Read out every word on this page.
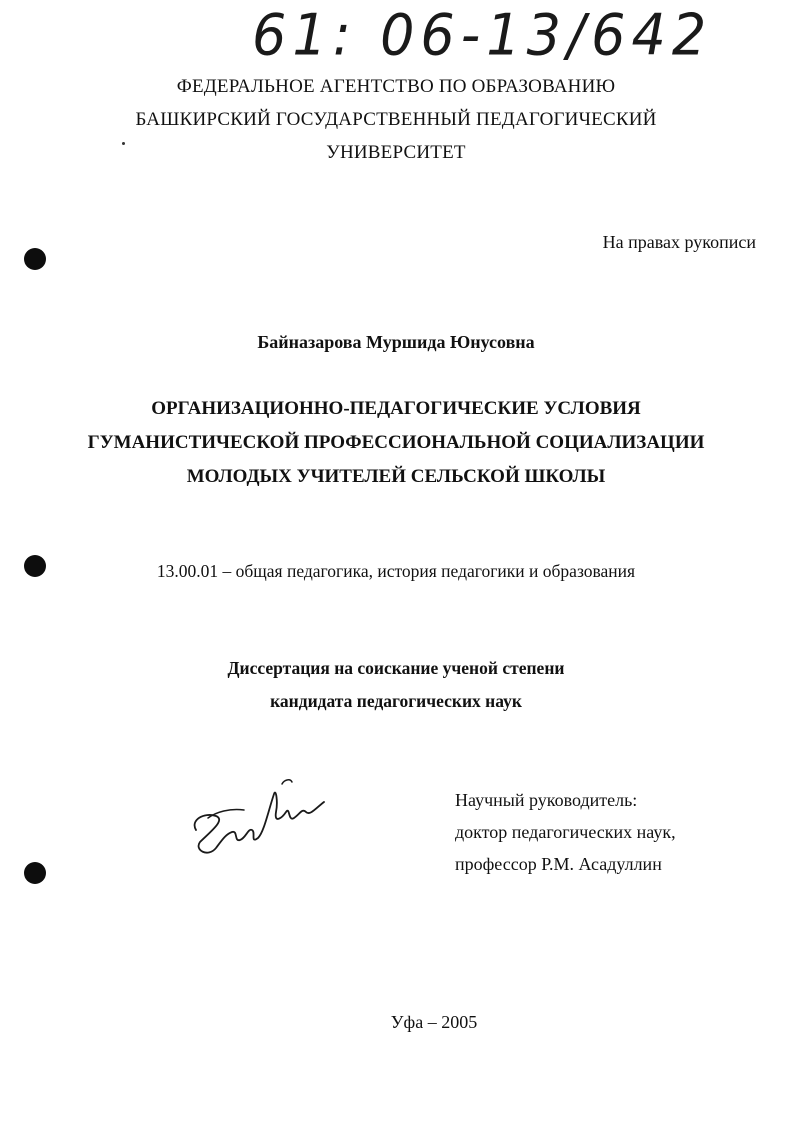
61: 06-13/642
ФЕДЕРАЛЬНОЕ АГЕНТСТВО ПО ОБРАЗОВАНИЮ
БАШКИРСКИЙ ГОСУДАРСТВЕННЫЙ ПЕДАГОГИЧЕСКИЙ
УНИВЕРСИТЕТ
На правах рукописи
Байназарова Муршида Юнусовна
ОРГАНИЗАЦИОННО-ПЕДАГОГИЧЕСКИЕ УСЛОВИЯ
ГУМАНИСТИЧЕСКОЙ ПРОФЕССИОНАЛЬНОЙ СОЦИАЛИЗАЦИИ
МОЛОДЫХ УЧИТЕЛЕЙ СЕЛЬСКОЙ ШКОЛЫ
13.00.01 – общая педагогика, история педагогики и образования
Диссертация на соискание ученой степени
кандидата педагогических наук
Научный руководитель:
доктор педагогических наук,
профессор Р.М. Асадуллин
Уфа – 2005
